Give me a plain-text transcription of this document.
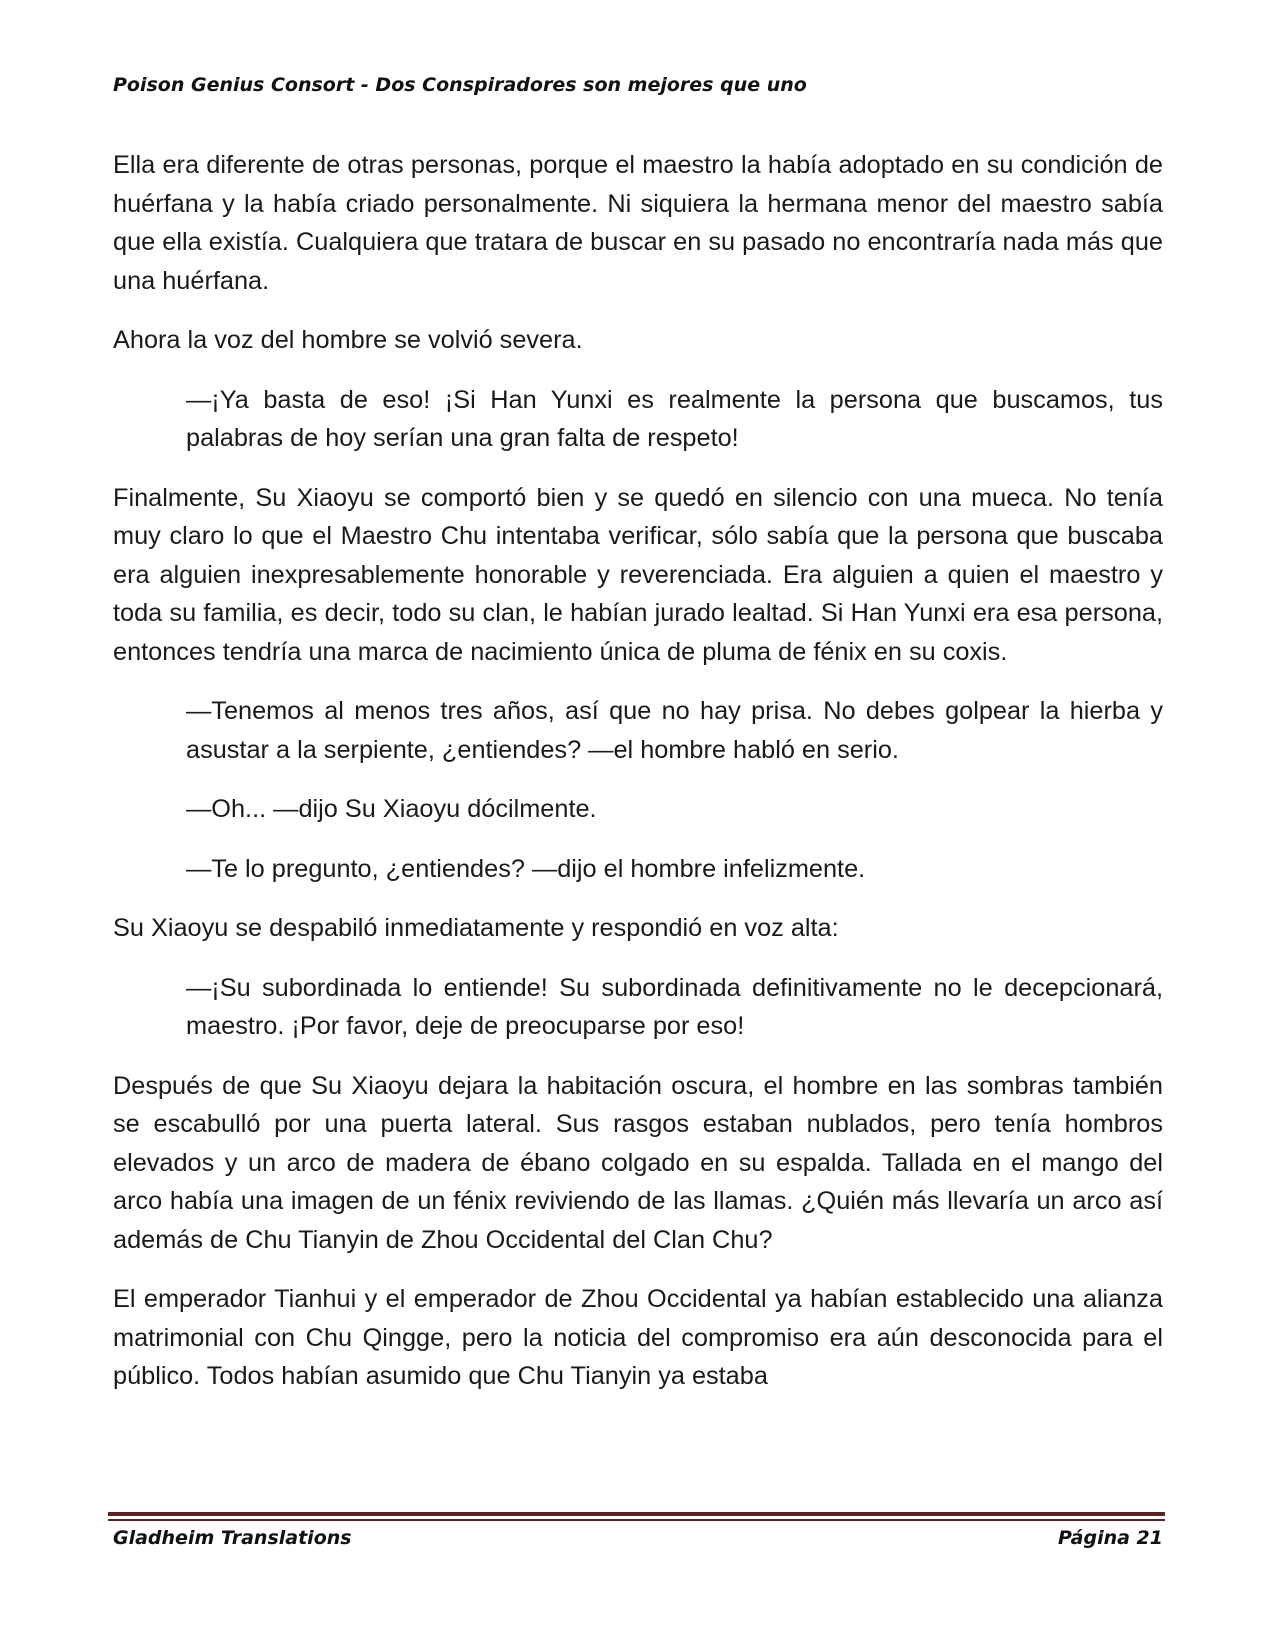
Poison Genius Consort - Dos Conspiradores son mejores que uno

Ella era diferente de otras personas, porque el maestro la había adoptado en su condición de huérfana y la había criado personalmente. Ni siquiera la hermana menor del maestro sabía que ella existía. Cualquiera que tratara de buscar en su pasado no encontraría nada más que una huérfana.

Ahora la voz del hombre se volvió severa.

—¡Ya basta de eso! ¡Si Han Yunxi es realmente la persona que buscamos, tus palabras de hoy serían una gran falta de respeto!

Finalmente, Su Xiaoyu se comportó bien y se quedó en silencio con una mueca. No tenía muy claro lo que el Maestro Chu intentaba verificar, sólo sabía que la persona que buscaba era alguien inexpresablemente honorable y reverenciada. Era alguien a quien el maestro y toda su familia, es decir, todo su clan, le habían jurado lealtad. Si Han Yunxi era esa persona, entonces tendría una marca de nacimiento única de pluma de fénix en su coxis.

—Tenemos al menos tres años, así que no hay prisa. No debes golpear la hierba y asustar a la serpiente, ¿entiendes? —el hombre habló en serio.

—Oh... —dijo Su Xiaoyu dócilmente.

—Te lo pregunto, ¿entiendes? —dijo el hombre infelizmente.

Su Xiaoyu se despabiló inmediatamente y respondió en voz alta:

—¡Su subordinada lo entiende! Su subordinada definitivamente no le decepcionará, maestro. ¡Por favor, deje de preocuparse por eso!

Después de que Su Xiaoyu dejara la habitación oscura, el hombre en las sombras también se escabulló por una puerta lateral. Sus rasgos estaban nublados, pero tenía hombros elevados y un arco de madera de ébano colgado en su espalda. Tallada en el mango del arco había una imagen de un fénix reviviendo de las llamas. ¿Quién más llevaría un arco así además de Chu Tianyin de Zhou Occidental del Clan Chu?

El emperador Tianhui y el emperador de Zhou Occidental ya habían establecido una alianza matrimonial con Chu Qingge, pero la noticia del compromiso era aún desconocida para el público. Todos habían asumido que Chu Tianyin ya estaba

Gladheim Translations	Página 21
